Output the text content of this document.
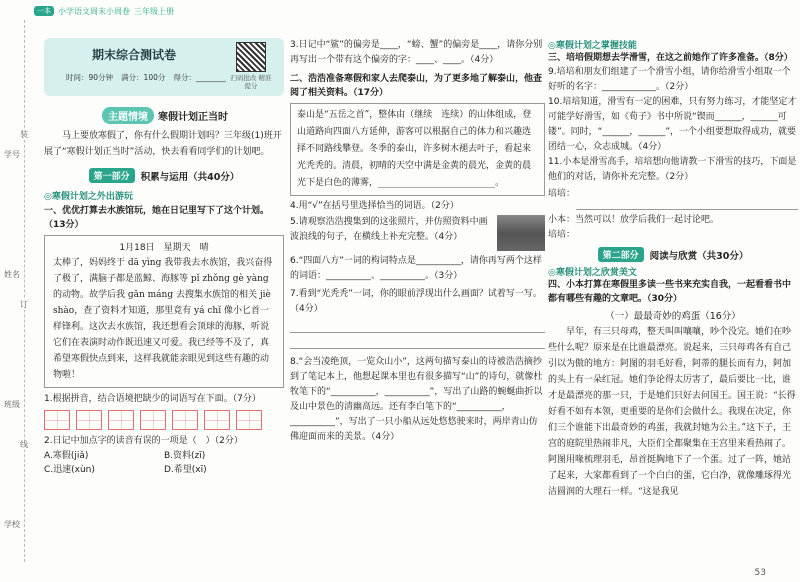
学号
姓名
班级
学校
装
订
线
一本 小学语文周末小周卷 三年级上册
期末综合测试卷
时间：90分钟 满分：100分 得分：________ 扫码批改 精准提分
主题情境	寒假计划正当时

马上要放寒假了，你有什么假期计划吗？三年级(1)班开展了“寒假计划正当时”活动，快去看看同学们的计划吧。

第一部分	积累与运用（共40分）
◎寒假计划之外出游玩
一、优优打算去水族馆玩，她在日记里写下了这个计划。（13分）
1月18日　星期天　晴

太棒了，妈妈终于 dā yìng 我带我去水族馆，我兴奋得了极了，满脑子都是蓝鲸、海豚等 pǐ zhǒng gè yàng 的动物。故学后我 gǎn máng 去搜集水族馆的相关 jiè shào，查了资料才知道，那里竟有 yá chǐ 像小匕首一样锋利。这次去水族馆，我还想看会顶球的海豚，听说它们在表演时动作既迅速又可爱。我已经等不及了，真希望寒假快点到来，这样我就能亲眼见到这些有趣的动物啦！

1.根据拼音，结合语境把缺少的词语写在下面。（7分）
2.日记中加点字的读音有误的一项是（　）（2分）
A.寒假(jiǎ)	B.资料(zī)
C.迅速(xùn)	D.希望(xī)
3.日记中“鲨”的偏旁是____，“螃、蟹”的偏旁是____，请你分别再写出一个带有这个偏旁的字：____、____。（4分）
二、浩浩准备寒假和家人去爬泰山，为了更多地了解泰山，他查阅了相关资料。（17分）
泰山是“五岳之首”，整体由（继续　连续）的山体组成，登山道路向四面八方延伸，游客可以根据自己的体力和兴趣选择不同路线攀登。冬季的泰山，许多树木褪去叶子，看起来光秃秃的。清晨，初晴的天空中满是金黄的晨光，金黄的晨光下是白色的薄雾，__________________________。
4.用“√”在括号里选择恰当的词语。（2分）
5.请观察浩浩搜集到的这张照片，并仿照资料中画波浪线的句子，在横线上补充完整。（4分）
6.“四面八方”一词的构词特点是__________，请你再写两个这样的词语：__________、__________。（3分）
7.看到“光秃秃”一词，你的眼前浮现出什么画面？试着写一写。（4分）
8.“会当凌绝顶，一览众山小”，这两句描写泰山的诗被浩浩摘抄到了笔记本上，他想起课本里也有很多描写“山”的诗句，就像杜牧笔下的“__________，__________”，写出了山路的蜿蜒曲折以及山中景色的清幽高远。还有李白笔下的“__________，__________”，写出了一只小船从远处悠悠驶来时，两岸青山仿佛迎面而来的美景。（4分）
◎寒假计划之掌握技能
三、培培假期想去学滑雪，在这之前她作了许多准备。（8分）
9.培培和朋友们组建了一个滑雪小组，请你给滑雪小组取一个好听的名字：____________。（2分）
10.培培知道，滑雪有一定的困难，只有努力练习，才能坚定才可能学好滑雪，如《荀子》书中所说“锲而______，______可镂”。同时，“______，______”，一个小组要想取得成功，就要团结一心，众志成城。（4分）
11.小本是滑雪高手，培培想向他请教一下滑雪的技巧，下面是他们的对话，请你补充完整。（2分）
培培：
小本：当然可以！放学后我们一起讨论吧。
培培：
第二部分	阅读与欣赏（共30分）
◎寒假计划之欣赏美文
四、小本打算在寒假里多读一些书来充实自我，一起看看书中都有哪些有趣的文章吧。（30分）
（一）最最奇妙的鸡蛋（16分）

早年，有三只母鸡，整天叫叫嚷嚷，吵个没完。她们在吵些什么呢？原来是在比谁最漂亮。说起来，三只母鸡各有自己引以为傲的地方：阿图的羽毛好看，阿蒂的腿长而有力，阿加的头上有一朵红冠。她们争论得太厉害了，最后要比一比，谁才是最漂亮的那一只，于是她们只好去问国王。国王说：“长得好看不如有本领，更重要的是你们会做什么。我现在决定，你们三个谁能下出最奇妙的鸡蛋，我就封她为公主。”这下子，王宫的庭院里热闹非凡，大臣们全都聚集在王宫里来看热闹了。阿图用喙梳理羽毛，昂首挺胸地下了一个蛋。过了一阵，她站了起来，大家都看到了一个白白的蛋，它白净，就像雕琢得光洁圆润的大理石一样。“这是我见

53
